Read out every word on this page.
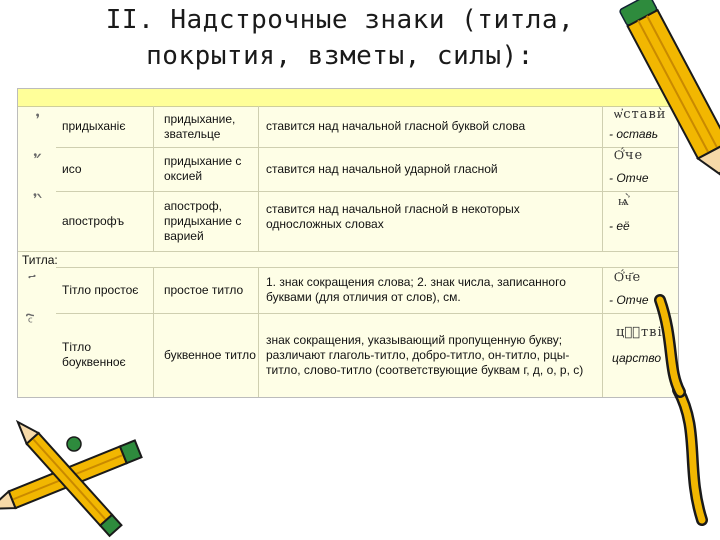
II. Надстрочные знаки (титла,
покрытия, взметы, силы):
᾿ придыханіє
придыхание, звательце
ставится над начальной гласной буквой слова
ѡ҆ставѝ
- оставь
῎ исо
придыхание с оксией
ставится над начальной ударной гласной
Ѻ҆́че
- Отче
῍
апострофъ
апостроф, придыхание с варией
ставится над начальной гласной в некоторых односложных словах
ѩ҆̀
- её
Титла:
Тітло простоє	простое титло
1. знак сокращения слова; 2. знак числа, записанного буквами (для отличия от слов), см.
Ѻ҆́ч҃е
- Отче
Тітло боуквенноє
буквенное титло
знак сокращения, указывающий пропущенную букву; различают глаголь-титло, добро-титло, он-титло, рцы-титло, слово-титло (соответствующие буквам г, д, о, р, с)
цⷭ҇твіе
царство
